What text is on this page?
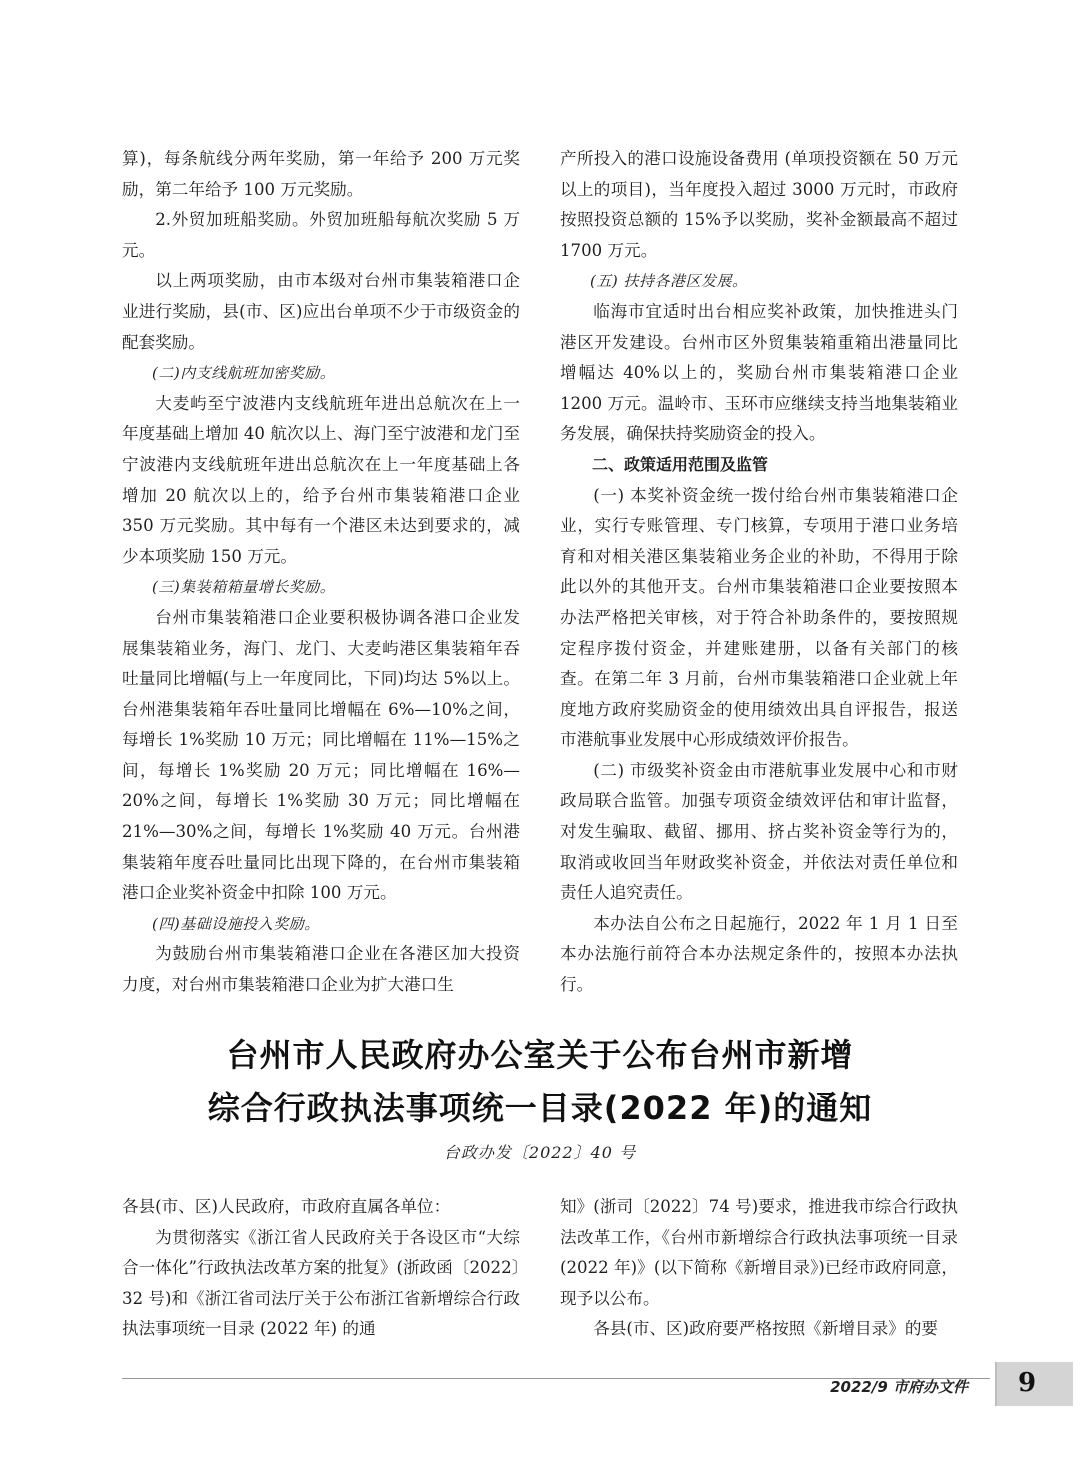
算)，每条航线分两年奖励，第一年给予 200 万元奖励，第二年给予 100 万元奖励。

2.外贸加班船奖励。外贸加班船每航次奖励 5 万元。

以上两项奖励，由市本级对台州市集装箱港口企业进行奖励，县(市、区)应出台单项不少于市级资金的配套奖励。

(二)内支线航班加密奖励。

大麦屿至宁波港内支线航班年进出总航次在上一年度基础上增加 40 航次以上、海门至宁波港和龙门至宁波港内支线航班年进出总航次在上一年度基础上各增加 20 航次以上的，给予台州市集装箱港口企业 350 万元奖励。其中每有一个港区未达到要求的，减少本项奖励 150 万元。

(三)集装箱箱量增长奖励。

台州市集装箱港口企业要积极协调各港口企业发展集装箱业务，海门、龙门、大麦屿港区集装箱年吞吐量同比增幅(与上一年度同比，下同)均达 5%以上。台州港集装箱年吞吐量同比增幅在 6%—10%之间，每增长 1%奖励 10 万元；同比增幅在 11%—15%之间，每增长 1%奖励 20 万元；同比增幅在 16%—20%之间，每增长 1%奖励 30 万元；同比增幅在 21%—30%之间，每增长 1%奖励 40 万元。台州港集装箱年度吞吐量同比出现下降的，在台州市集装箱港口企业奖补资金中扣除 100 万元。

(四)基础设施投入奖励。

为鼓励台州市集装箱港口企业在各港区加大投资力度，对台州市集装箱港口企业为扩大港口生

产所投入的港口设施设备费用 (单项投资额在 50 万元以上的项目)，当年度投入超过 3000 万元时，市政府按照投资总额的 15%予以奖励，奖补金额最高不超过 1700 万元。

(五) 扶持各港区发展。

临海市宜适时出台相应奖补政策，加快推进头门港区开发建设。台州市区外贸集装箱重箱出港量同比增幅达 40%以上的，奖励台州市集装箱港口企业 1200 万元。温岭市、玉环市应继续支持当地集装箱业务发展，确保扶持奖励资金的投入。

二、政策适用范围及监管

(一) 本奖补资金统一拨付给台州市集装箱港口企业，实行专账管理、专门核算，专项用于港口业务培育和对相关港区集装箱业务企业的补助，不得用于除此以外的其他开支。台州市集装箱港口企业要按照本办法严格把关审核，对于符合补助条件的，要按照规定程序拨付资金，并建账建册，以备有关部门的核查。在第二年 3 月前，台州市集装箱港口企业就上年度地方政府奖励资金的使用绩效出具自评报告，报送市港航事业发展中心形成绩效评价报告。

(二) 市级奖补资金由市港航事业发展中心和市财政局联合监管。加强专项资金绩效评估和审计监督，对发生骗取、截留、挪用、挤占奖补资金等行为的，取消或收回当年财政奖补资金，并依法对责任单位和责任人追究责任。

本办法自公布之日起施行，2022 年 1 月 1 日至本办法施行前符合本办法规定条件的，按照本办法执行。

台州市人民政府办公室关于公布台州市新增
综合行政执法事项统一目录(2022 年)的通知
台政办发〔2022〕40 号

各县(市、区)人民政府，市政府直属各单位：

为贯彻落实《浙江省人民政府关于各设区市“大综合一体化”行政执法改革方案的批复》(浙政函〔2022〕32 号)和《浙江省司法厅关于公布浙江省新增综合行政执法事项统一目录 (2022 年) 的通

知》(浙司〔2022〕74 号)要求，推进我市综合行政执法改革工作，《台州市新增综合行政执法事项统一目录(2022 年)》(以下简称《新增目录》)已经市政府同意，现予以公布。

各县(市、区)政府要严格按照《新增目录》的要

2022/9 市府办文件 9
